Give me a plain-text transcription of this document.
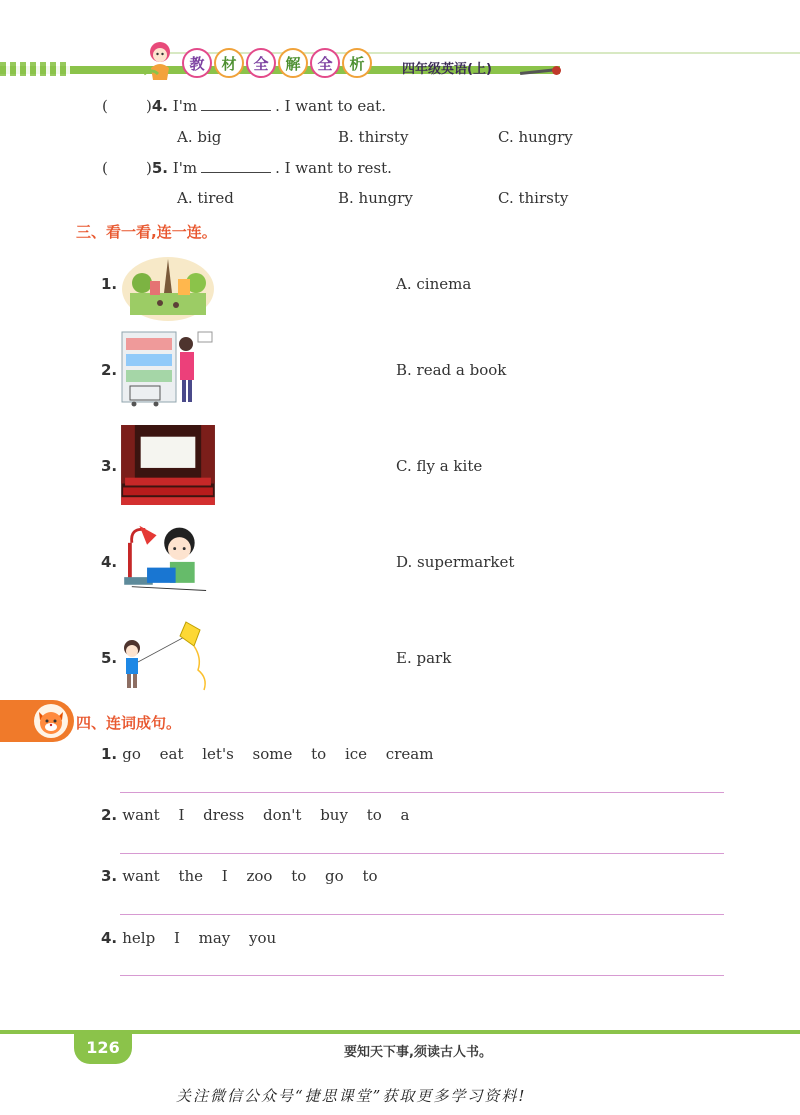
教	材	全	解	全	析	四年级英语(上)
(        )4. I'm	. I want to eat.
A. big	B. thirsty	C. hungry
(        )5. I'm	. I want to rest.
A. tired	B. hungry	C. thirsty
三、看一看,连一连。
1.	A. cinema
2.	B. read a book
3.	C. fly a kite
4.	D. supermarket
5.	E. park
四、连词成句。
1. go eat let's some to ice cream
2. want I dress don't buy to a
3. want the I zoo to go to
4. help I may you
126	要知天下事,须读古人书。
关注微信公众号“捷思课堂”获取更多学习资料!
